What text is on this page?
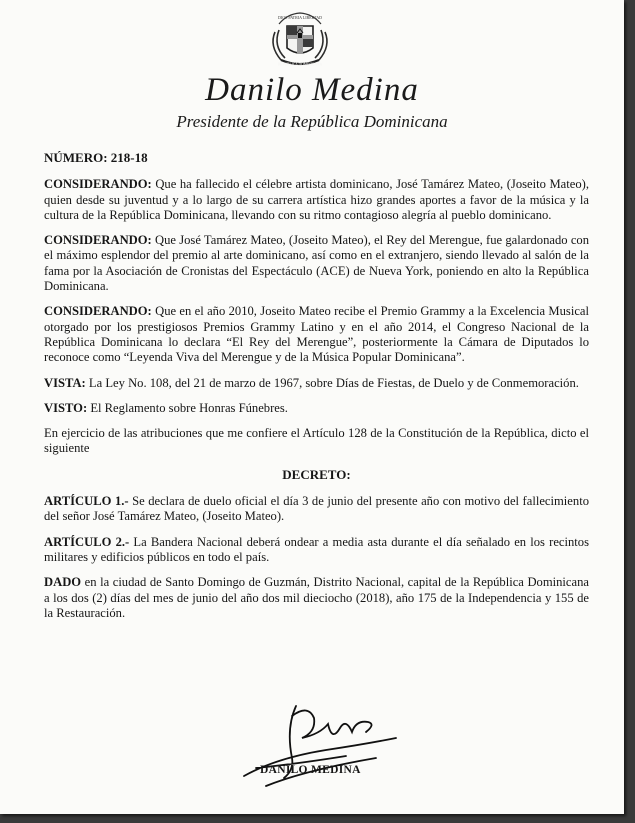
DIOS PATRIA LIBERTAD
REPUBLICA DOMINICANA
Danilo Medina
Presidente de la República Dominicana

NÚMERO: 218-18

CONSIDERANDO: Que ha fallecido el célebre artista dominicano, José Tamárez Mateo, (Joseito Mateo), quien desde su juventud y a lo largo de su carrera artística hizo grandes aportes a favor de la música y la cultura de la República Dominicana, llevando con su ritmo contagioso alegría al pueblo dominicano.

CONSIDERANDO: Que José Tamárez Mateo, (Joseito Mateo), el Rey del Merengue, fue galardonado con el máximo esplendor del premio al arte dominicano, así como en el extranjero, siendo llevado al salón de la fama por la Asociación de Cronistas del Espectáculo (ACE) de Nueva York, poniendo en alto la República Dominicana.

CONSIDERANDO: Que en el año 2010, Joseito Mateo recibe el Premio Grammy a la Excelencia Musical otorgado por los prestigiosos Premios Grammy Latino y en el año 2014, el Congreso Nacional de la República Dominicana lo declara “El Rey del Merengue”, posteriormente la Cámara de Diputados lo reconoce como “Leyenda Viva del Merengue y de la Música Popular Dominicana”.

VISTA: La Ley No. 108, del 21 de marzo de 1967, sobre Días de Fiestas, de Duelo y de Conmemoración.

VISTO: El Reglamento sobre Honras Fúnebres.

En ejercicio de las atribuciones que me confiere el Artículo 128 de la Constitución de la República, dicto el siguiente

DECRETO:

ARTÍCULO 1.- Se declara de duelo oficial el día 3 de junio del presente año con motivo del fallecimiento del señor José Tamárez Mateo, (Joseito Mateo).

ARTÍCULO 2.- La Bandera Nacional deberá ondear a media asta durante el día señalado en los recintos militares y edificios públicos en todo el país.

DADO en la ciudad de Santo Domingo de Guzmán, Distrito Nacional, capital de la República Dominicana a los dos (2) días del mes de junio del año dos mil dieciocho (2018), año 175 de la Independencia y 155 de la Restauración.

DANILO MEDINA
